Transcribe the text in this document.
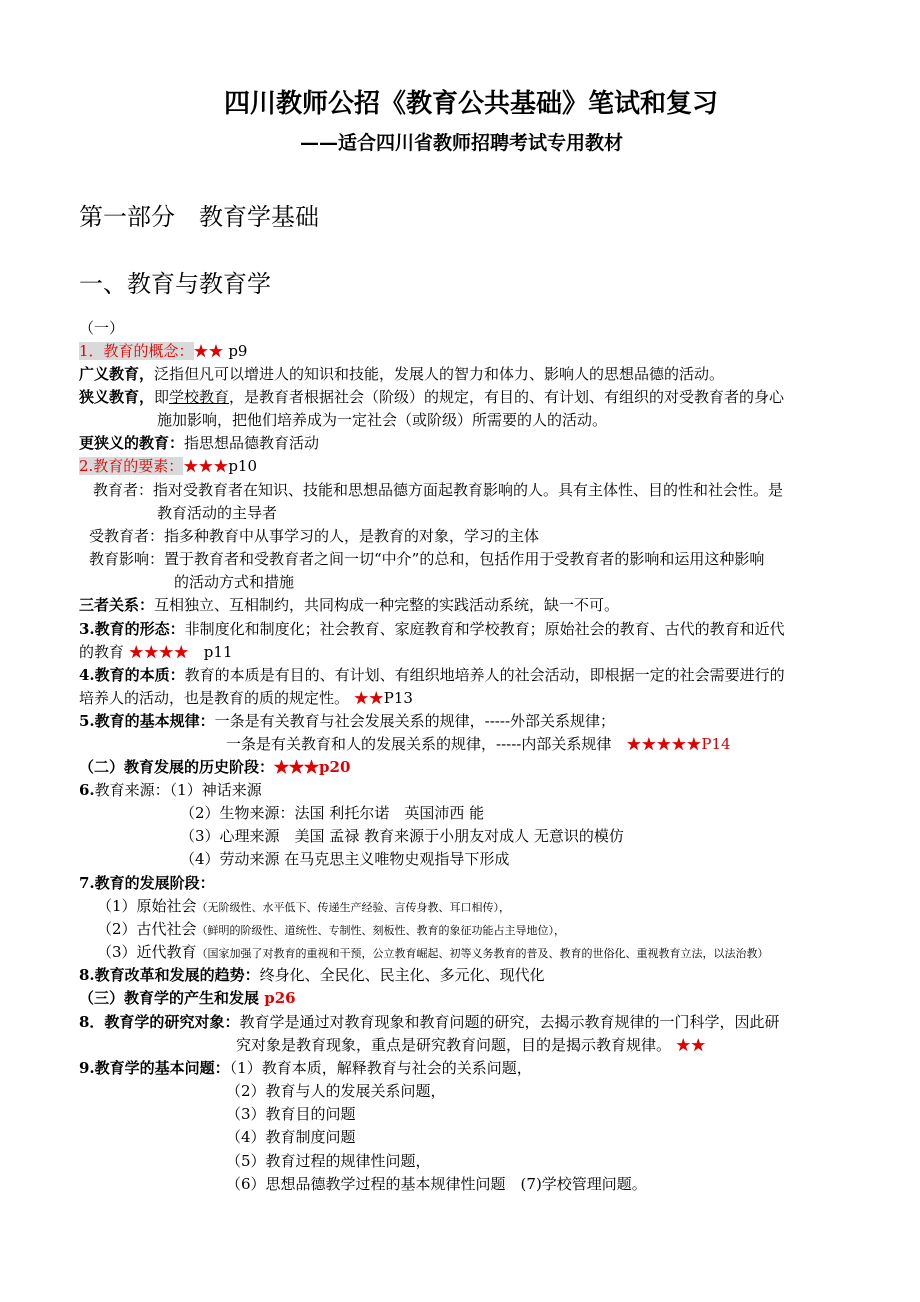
四川教师公招《教育公共基础》笔试和复习
——适合四川省教师招聘考试专用教材
第一部分　教育学基础
一、教育与教育学
（一）
1．教育的概念：★★ p9
广义教育，泛指但凡可以增进人的知识和技能，发展人的智力和体力、影响人的思想品德的活动。
狭义教育，即学校教育，是教育者根据社会（阶级）的规定，有目的、有计划、有组织的对受教育者的身心
施加影响，把他们培养成为一定社会（或阶级）所需要的人的活动。
更狭义的教育：指思想品德教育活动
2.教育的要素：★★★p10
教育者：指对受教育者在知识、技能和思想品德方面起教育影响的人。具有主体性、目的性和社会性。是
教育活动的主导者
受教育者：指多种教育中从事学习的人，是教育的对象，学习的主体
教育影响：置于教育者和受教育者之间一切“中介”的总和，包括作用于受教育者的影响和运用这种影响
的活动方式和措施
三者关系：互相独立、互相制约，共同构成一种完整的实践活动系统，缺一不可。
3.教育的形态：非制度化和制度化；社会教育、家庭教育和学校教育；原始社会的教育、古代的教育和近代
的教育 ★★★★　p11
4.教育的本质：教育的本质是有目的、有计划、有组织地培养人的社会活动，即根据一定的社会需要进行的
培养人的活动，也是教育的质的规定性。 ★★P13
5.教育的基本规律：一条是有关教育与社会发展关系的规律，-----外部关系规律；
一条是有关教育和人的发展关系的规律，-----内部关系规律　★★★★★P14
（二）教育发展的历史阶段：★★★p20
6.教育来源：（1）神话来源
（2）生物来源：法国 利托尔诺　英国沛西 能
（3）心理来源　美国 孟禄 教育来源于小朋友对成人 无意识的模仿
（4）劳动来源 在马克思主义唯物史观指导下形成
7.教育的发展阶段：
（1）原始社会（无阶级性、水平低下、传递生产经验、言传身教、耳口相传），
（2）古代社会（鲜明的阶级性、道统性、专制性、刻板性、教育的象征功能占主导地位），
（3）近代教育（国家加强了对教育的重视和干预，公立教育崛起、初等义务教育的普及、教育的世俗化、重视教育立法，以法治教）
8.教育改革和发展的趋势：终身化、全民化、民主化、多元化、现代化
（三）教育学的产生和发展 p26
8．教育学的研究对象：教育学是通过对教育现象和教育问题的研究，去揭示教育规律的一门科学，因此研
究对象是教育现象，重点是研究教育问题，目的是揭示教育规律。 ★★
9.教育学的基本问题：（1）教育本质，解释教育与社会的关系问题，
（2）教育与人的发展关系问题，
（3）教育目的问题
（4）教育制度问题
（5）教育过程的规律性问题，
（6）思想品德教学过程的基本规律性问题　(7)学校管理问题。
